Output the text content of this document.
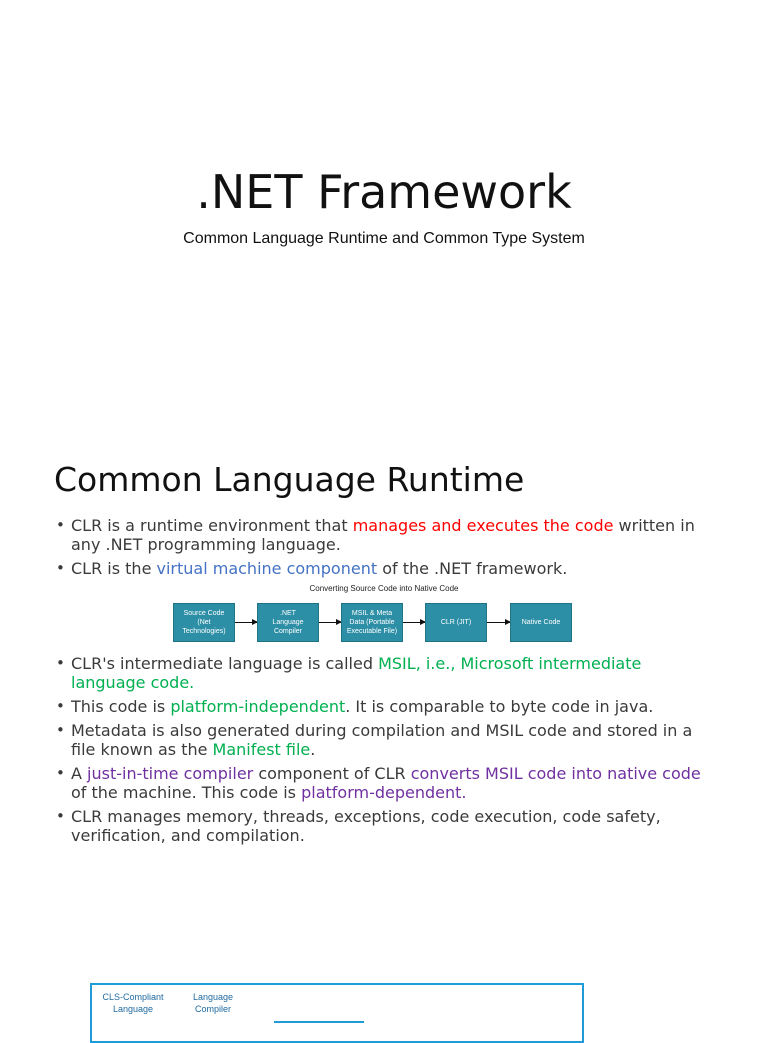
.NET Framework
Common Language Runtime and Common Type System
Common Language Runtime
• CLR is a runtime environment that manages and executes the code written in any .NET programming language.
• CLR is the virtual machine component of the .NET framework.
Converting Source Code into Native Code
Source Code
(Net
Technologies)
.NET
Language
Compiler
MSIL & Meta
Data (Portable
Executable File)
CLR (JIT)	Native Code
• CLR's intermediate language is called MSIL, i.e., Microsoft intermediate language code.
• This code is platform-independent. It is comparable to byte code in java.
• Metadata is also generated during compilation and MSIL code and stored in a file known as the Manifest file.
• A just-in-time compiler component of CLR converts MSIL code into native code of the machine. This code is platform-dependent.
• CLR manages memory, threads, exceptions, code execution, code safety, verification, and compilation.
CLS-Compliant
Language
Language
Compiler
